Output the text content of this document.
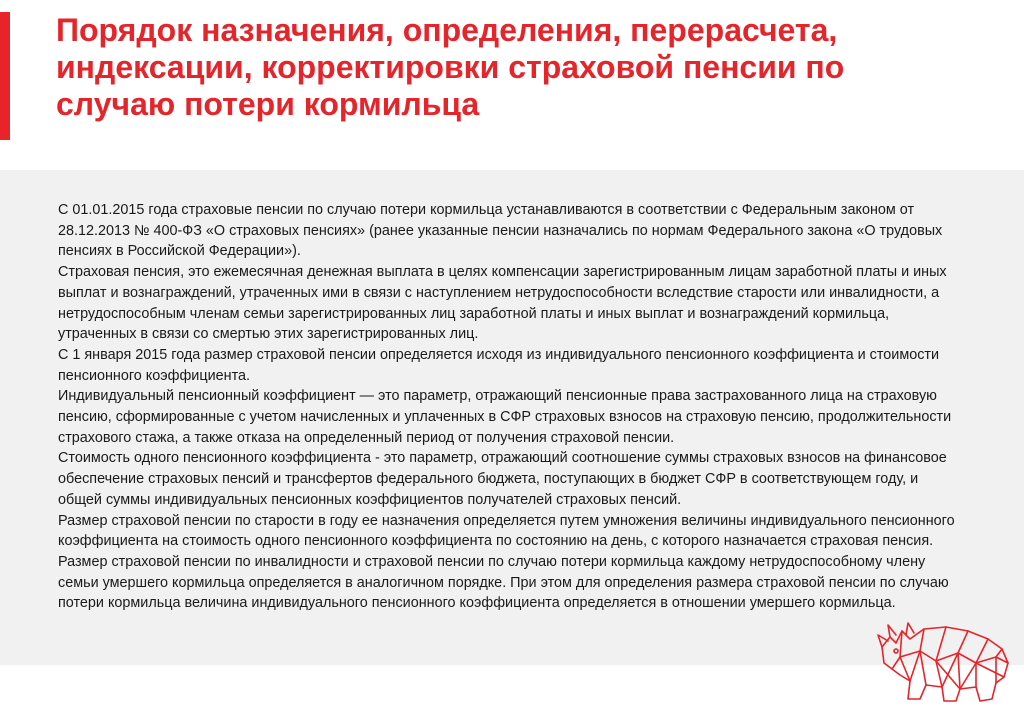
Порядок назначения, определения, перерасчета, индексации, корректировки страховой пенсии по случаю потери кормильца

С 01.01.2015 года страховые пенсии по случаю потери кормильца устанавливаются в соответствии с Федеральным законом от 28.12.2013 № 400-ФЗ «О страховых пенсиях» (ранее указанные пенсии назначались по нормам Федерального закона «О трудовых пенсиях в Российской Федерации»).

Страховая пенсия, это ежемесячная денежная выплата в целях компенсации зарегистрированным лицам заработной платы и иных выплат и вознаграждений, утраченных ими в связи с наступлением нетрудоспособности вследствие старости или инвалидности, а нетрудоспособным членам семьи зарегистрированных лиц заработной платы и иных выплат и вознаграждений кормильца, утраченных в связи со смертью этих зарегистрированных лиц.

С 1 января 2015 года размер страховой пенсии определяется исходя из индивидуального пенсионного коэффициента и стоимости пенсионного коэффициента.

Индивидуальный пенсионный коэффициент — это параметр, отражающий пенсионные права застрахованного лица на страховую пенсию, сформированные с учетом начисленных и уплаченных в СФР страховых взносов на страховую пенсию, продолжительности страхового стажа, а также отказа на определенный период от получения страховой пенсии.

Стоимость одного пенсионного коэффициента - это параметр, отражающий соотношение суммы страховых взносов на финансовое обеспечение страховых пенсий и трансфертов федерального бюджета, поступающих в бюджет СФР в соответствующем году, и общей суммы индивидуальных пенсионных коэффициентов получателей страховых пенсий.

Размер страховой пенсии по старости в году ее назначения определяется путем умножения величины индивидуального пенсионного коэффициента на стоимость одного пенсионного коэффициента по состоянию на день, с которого назначается страховая пенсия.

Размер страховой пенсии по инвалидности и страховой пенсии по случаю потери кормильца каждому нетрудоспособному члену семьи умершего кормильца определяется в аналогичном порядке. При этом для определения размера страховой пенсии по случаю потери кормильца величина индивидуального пенсионного коэффициента определяется в отношении умершего кормильца.
